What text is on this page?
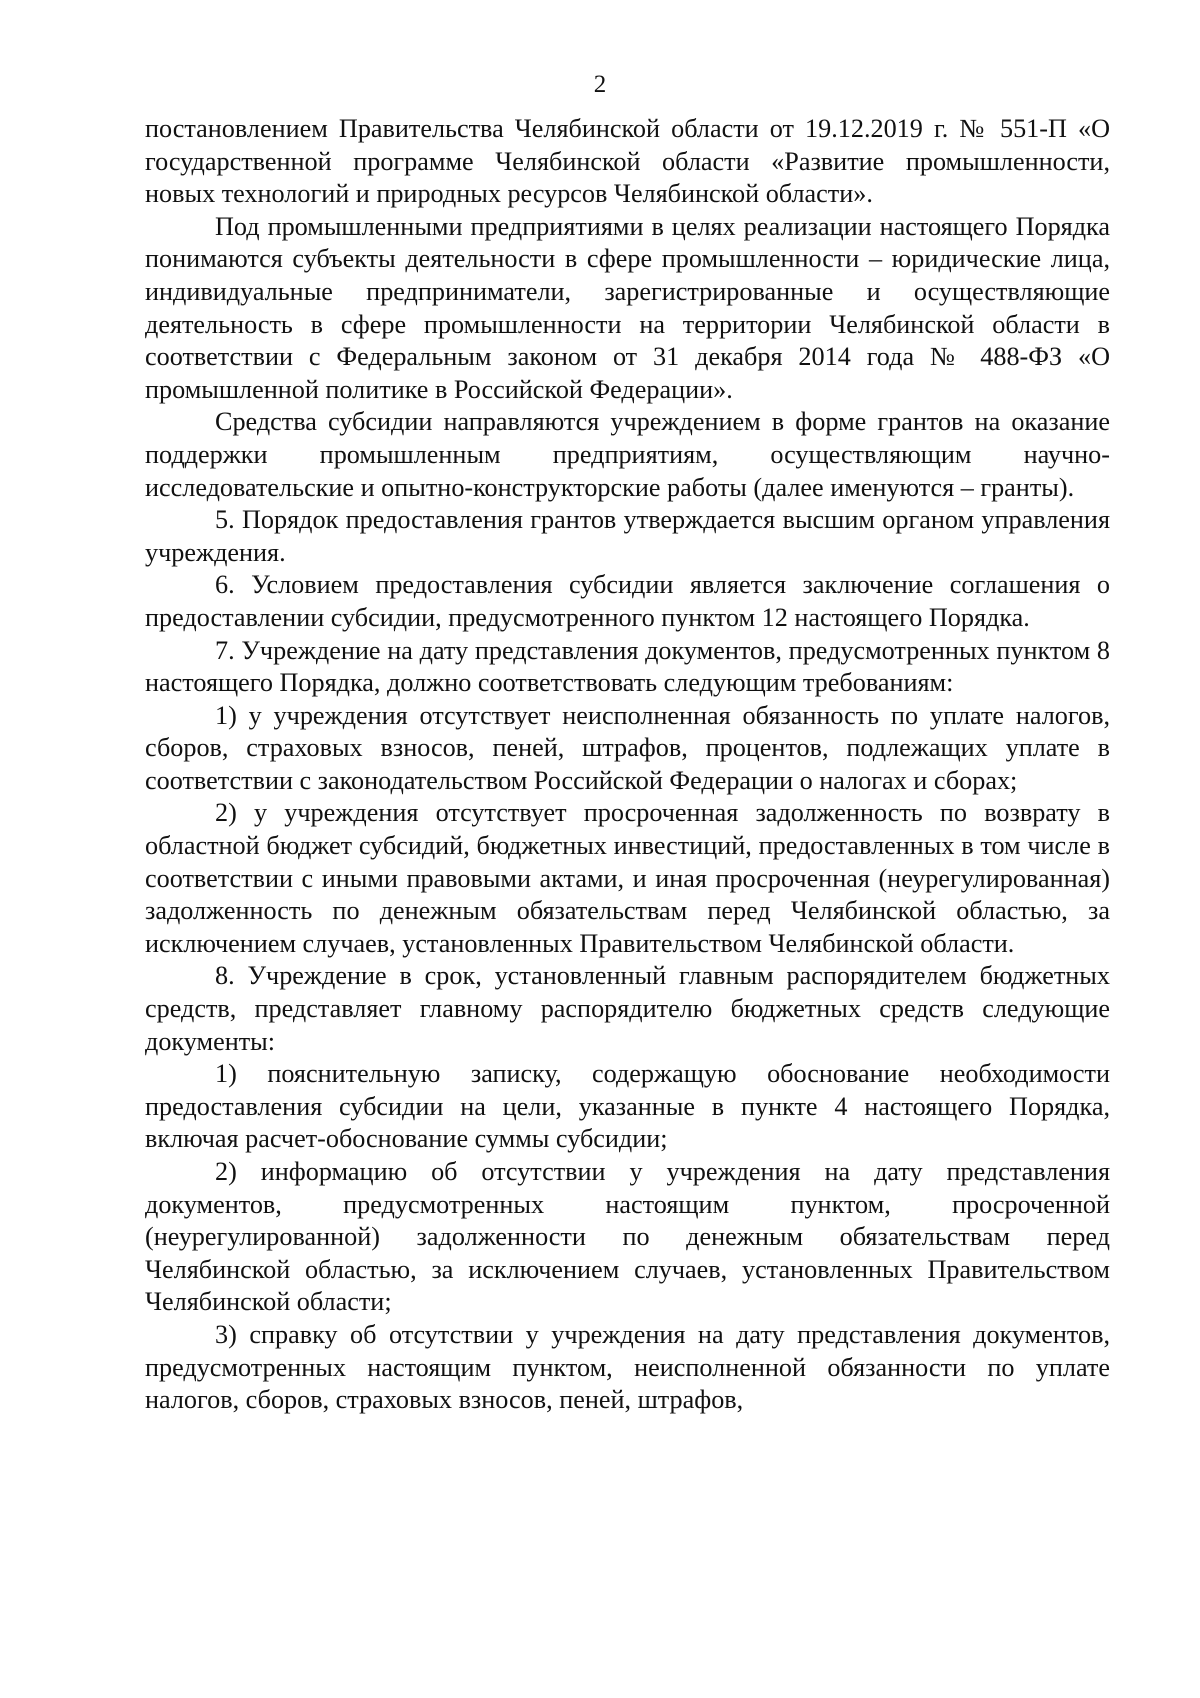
2

постановлением Правительства Челябинской области от 19.12.2019 г. № 551-П «О государственной программе Челябинской области «Развитие промышленности, новых технологий и природных ресурсов Челябинской области».

Под промышленными предприятиями в целях реализации настоящего Порядка понимаются субъекты деятельности в сфере промышленности – юридические лица, индивидуальные предприниматели, зарегистрированные и осуществляющие деятельность в сфере промышленности на территории Челябинской области в соответствии с Федеральным законом от 31 декабря 2014 года № 488-ФЗ «О промышленной политике в Российской Федерации».

Средства субсидии направляются учреждением в форме грантов на оказание поддержки промышленным предприятиям, осуществляющим научно-исследовательские и опытно-конструкторские работы (далее именуются – гранты).

5. Порядок предоставления грантов утверждается высшим органом управления учреждения.

6. Условием предоставления субсидии является заключение соглашения о предоставлении субсидии, предусмотренного пунктом 12 настоящего Порядка.

7. Учреждение на дату представления документов, предусмотренных пунктом 8 настоящего Порядка, должно соответствовать следующим требованиям:

1) у учреждения отсутствует неисполненная обязанность по уплате налогов, сборов, страховых взносов, пеней, штрафов, процентов, подлежащих уплате в соответствии с законодательством Российской Федерации о налогах и сборах;

2) у учреждения отсутствует просроченная задолженность по возврату в областной бюджет субсидий, бюджетных инвестиций, предоставленных в том числе в соответствии с иными правовыми актами, и иная просроченная (неурегулированная) задолженность по денежным обязательствам перед Челябинской областью, за исключением случаев, установленных Правительством Челябинской области.

8. Учреждение в срок, установленный главным распорядителем бюджетных средств, представляет главному распорядителю бюджетных средств следующие документы:

1) пояснительную записку, содержащую обоснование необходимости предоставления субсидии на цели, указанные в пункте 4 настоящего Порядка, включая расчет-обоснование суммы субсидии;

2) информацию об отсутствии у учреждения на дату представления документов, предусмотренных настоящим пунктом, просроченной (неурегулированной) задолженности по денежным обязательствам перед Челябинской областью, за исключением случаев, установленных Правительством Челябинской области;

3) справку об отсутствии у учреждения на дату представления документов, предусмотренных настоящим пунктом, неисполненной обязанности по уплате налогов, сборов, страховых взносов, пеней, штрафов,
